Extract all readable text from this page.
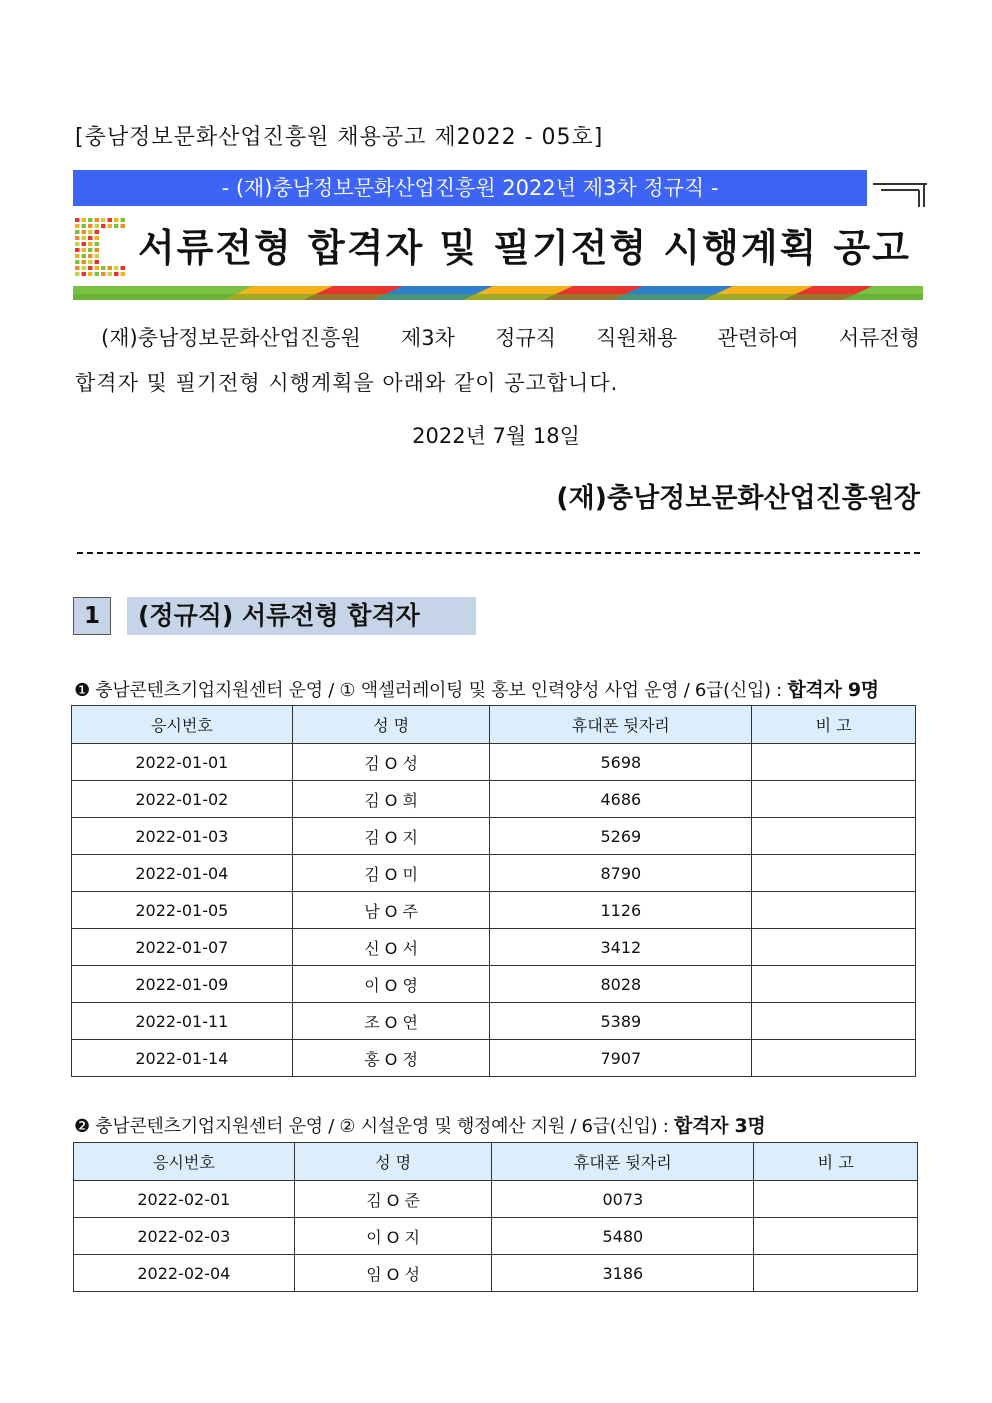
[충남정보문화산업진흥원 채용공고 제2022 - 05호]
- (재)충남정보문화산업진흥원 2022년 제3차 정규직 -
서류전형 합격자 및 필기전형 시행계획 공고
(재)충남정보문화산업진흥원 제3차 정규직 직원채용 관련하여 서류전형
합격자 및 필기전형 시행계획을 아래와 같이 공고합니다.
2022년 7월 18일
(재)충남정보문화산업진흥원장
1	(정규직) 서류전형 합격자
❶ 충남콘텐츠기업지원센터 운영 / ① 액셀러레이팅 및 홍보 인력양성 사업 운영 / 6급(신입) : 합격자 9명
응시번호	성 명	휴대폰 뒷자리	비 고
2022-01-01	김 O 성	5698	
2022-01-02	김 O 희	4686	
2022-01-03	김 O 지	5269	
2022-01-04	김 O 미	8790	
2022-01-05	남 O 주	1126	
2022-01-07	신 O 서	3412	
2022-01-09	이 O 영	8028	
2022-01-11	조 O 연	5389	
2022-01-14	홍 O 정	7907	
❷ 충남콘텐츠기업지원센터 운영 / ② 시설운영 및 행정예산 지원 / 6급(신입) : 합격자 3명
응시번호	성 명	휴대폰 뒷자리	비 고
2022-02-01	김 O 준	0073	
2022-02-03	이 O 지	5480	
2022-02-04	임 O 성	3186	
